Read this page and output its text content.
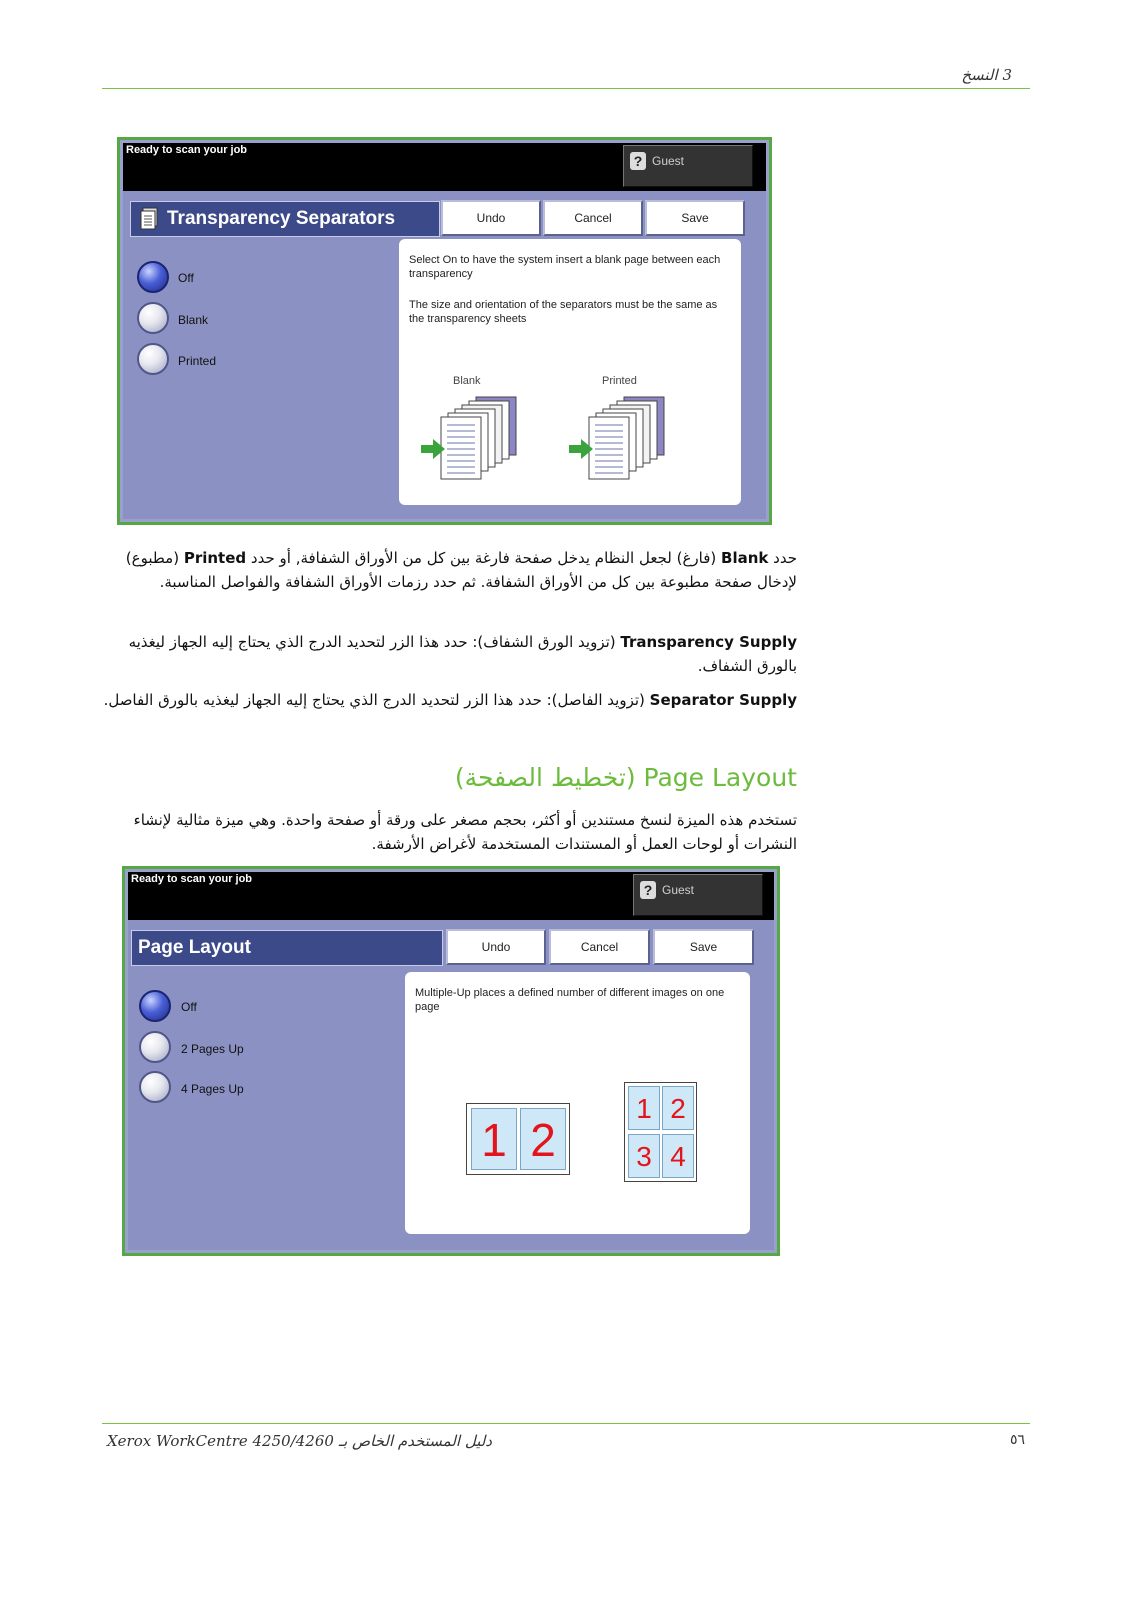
3 النسخ
Ready to scan your job
? Guest
Transparency Separators	Undo	Cancel	Save
Off
Blank
Printed

Select On to have the system insert a blank page between each transparency

The size and orientation of the separators must be the same as the transparency sheets

Blank	Printed
حدد Blank (فارغ) لجعل النظام يدخل صفحة فارغة بين كل من الأوراق الشفافة, أو حدد Printed (مطبوع) لإدخال صفحة مطبوعة بين كل من الأوراق الشفافة. ثم حدد رزمات الأوراق الشفافة والفواصل المناسبة.
Transparency Supply (تزويد الورق الشفاف): حدد هذا الزر لتحديد الدرج الذي يحتاج إليه الجهاز ليغذيه بالورق الشفاف.
Separator Supply (تزويد الفاصل): حدد هذا الزر لتحديد الدرج الذي يحتاج إليه الجهاز ليغذيه بالورق الفاصل.
Page Layout (تخطيط الصفحة)
تستخدم هذه الميزة لنسخ مستندين أو أكثر، بحجم مصغر على ورقة أو صفحة واحدة. وهي ميزة مثالية لإنشاء النشرات أو لوحات العمل أو المستندات المستخدمة لأغراض الأرشفة.
Ready to scan your job
? Guest
Page Layout	Undo	Cancel	Save
Off
2 Pages Up
4 Pages Up

Multiple-Up places a defined number of different images on one page

1 2
1 2
3 4
دليل المستخدم الخاص بـ Xerox WorkCentre 4250/4260	٥٦
